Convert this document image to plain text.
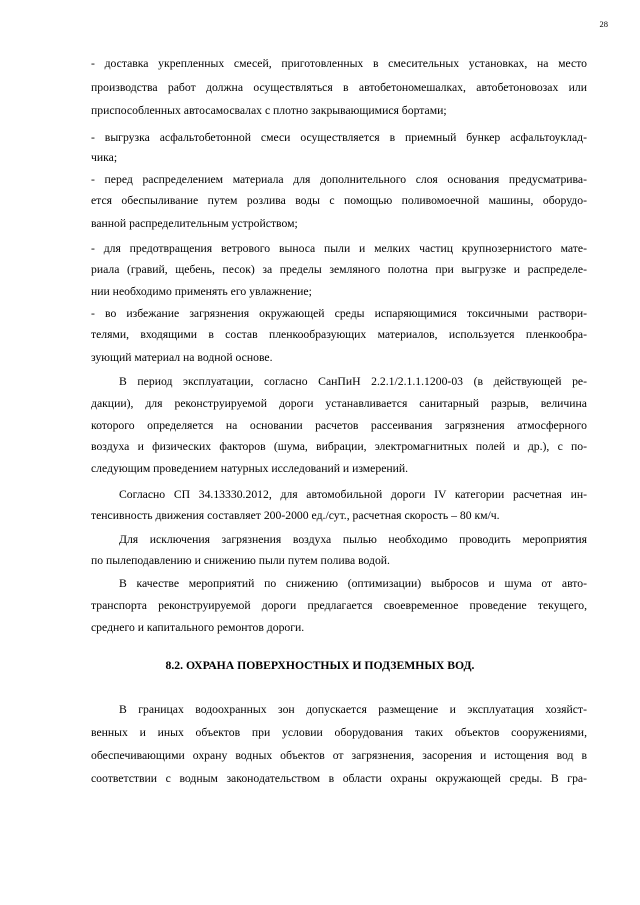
28
- доставка укрепленных смесей, приготовленных в смесительных установках, на место
производства работ должна осуществляться в автобетономешалках, автобетоновозах или
приспособленных автосамосвалах с плотно закрывающимися бортами;
- выгрузка асфальтобетонной смеси осуществляется в приемный бункер асфальтоуклад-
чика;
- перед распределением материала для дополнительного слоя основания предусматрива-
ется обеспыливание путем розлива воды с помощью поливомоечной машины, оборудо-
ванной распределительным устройством;
- для предотвращения ветрового выноса пыли и мелких частиц крупнозернистого мате-
риала (гравий, щебень, песок) за пределы земляного полотна при выгрузке и распределе-
нии необходимо применять его увлажнение;
- во избежание загрязнения окружающей среды испаряющимися токсичными раствори-
телями, входящими в состав пленкообразующих материалов, используется пленкообра-
зующий материал на водной основе.
В период эксплуатации, согласно СанПиН 2.2.1/2.1.1.1200-03 (в действующей ре-
дакции), для реконструируемой дороги устанавливается санитарный разрыв, величина
которого определяется на основании расчетов рассеивания загрязнения атмосферного
воздуха и физических факторов (шума, вибрации, электромагнитных полей и др.), с по-
следующим проведением натурных исследований и измерений.
Согласно СП 34.13330.2012, для автомобильной дороги IV категории расчетная ин-
тенсивность движения составляет 200-2000 ед./сут., расчетная скорость – 80 км/ч.
Для исключения загрязнения воздуха пылью необходимо проводить мероприятия
по пылеподавлению и снижению пыли путем полива водой.
В качестве мероприятий по снижению (оптимизации) выбросов и шума от авто-
транспорта реконструируемой дороги предлагается своевременное проведение текущего,
среднего и капитального ремонтов дороги.
В границах водоохранных зон допускается размещение и эксплуатация хозяйст-
венных и иных объектов при условии оборудования таких объектов сооружениями,
обеспечивающими охрану водных объектов от загрязнения, засорения и истощения вод в
соответствии с водным законодательством в области охраны окружающей среды. В гра-
8.2. ОХРАНА ПОВЕРХНОСТНЫХ И ПОДЗЕМНЫХ ВОД.
